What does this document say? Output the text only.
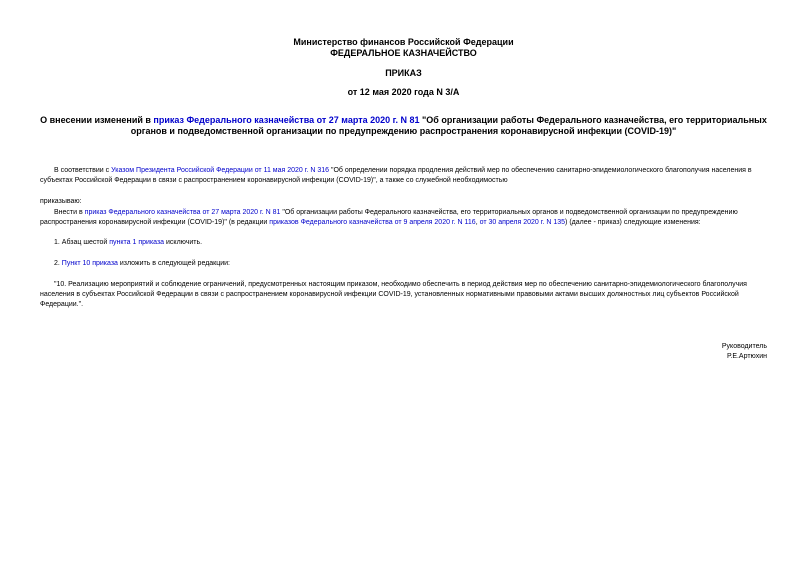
Министерство финансов Российской Федерации
ФЕДЕРАЛЬНОЕ КАЗНАЧЕЙСТВО
ПРИКАЗ
от 12 мая 2020 года N 3/А
О внесении изменений в приказ Федерального казначейства от 27 марта 2020 г. N 81 "Об организации работы Федерального казначейства, его территориальных органов и подведомственной организации по предупреждению распространения коронавирусной инфекции (COVID-19)"
В соответствии с Указом Президента Российской Федерации от 11 мая 2020 г. N 316 "Об определении порядка продления действий мер по обеспечению санитарно-эпидемиологического благополучия населения в субъектах Российской Федерации в связи с распространением коронавирусной инфекции (COVID-19)", а также со служебной необходимостью
приказываю:
Внести в приказ Федерального казначейства от 27 марта 2020 г. N 81 "Об организации работы Федерального казначейства, его территориальных органов и подведомственной организации по предупреждению распространения коронавирусной инфекции (COVID-19)" (в редакции приказов Федерального казначейства от 9 апреля 2020 г. N 116, от 30 апреля 2020 г. N 135) (далее - приказ) следующие изменения:
1. Абзац шестой пункта 1 приказа исключить.
2. Пункт 10 приказа изложить в следующей редакции:
"10. Реализацию мероприятий и соблюдение ограничений, предусмотренных настоящим приказом, необходимо обеспечить в период действия мер по обеспечению санитарно-эпидемиологического благополучия населения в субъектах Российской Федерации в связи с распространением коронавирусной инфекции COVID-19, установленных нормативными правовыми актами высших должностных лиц субъектов Российской Федерации.".
Руководитель
Р.Е.Артюхин
